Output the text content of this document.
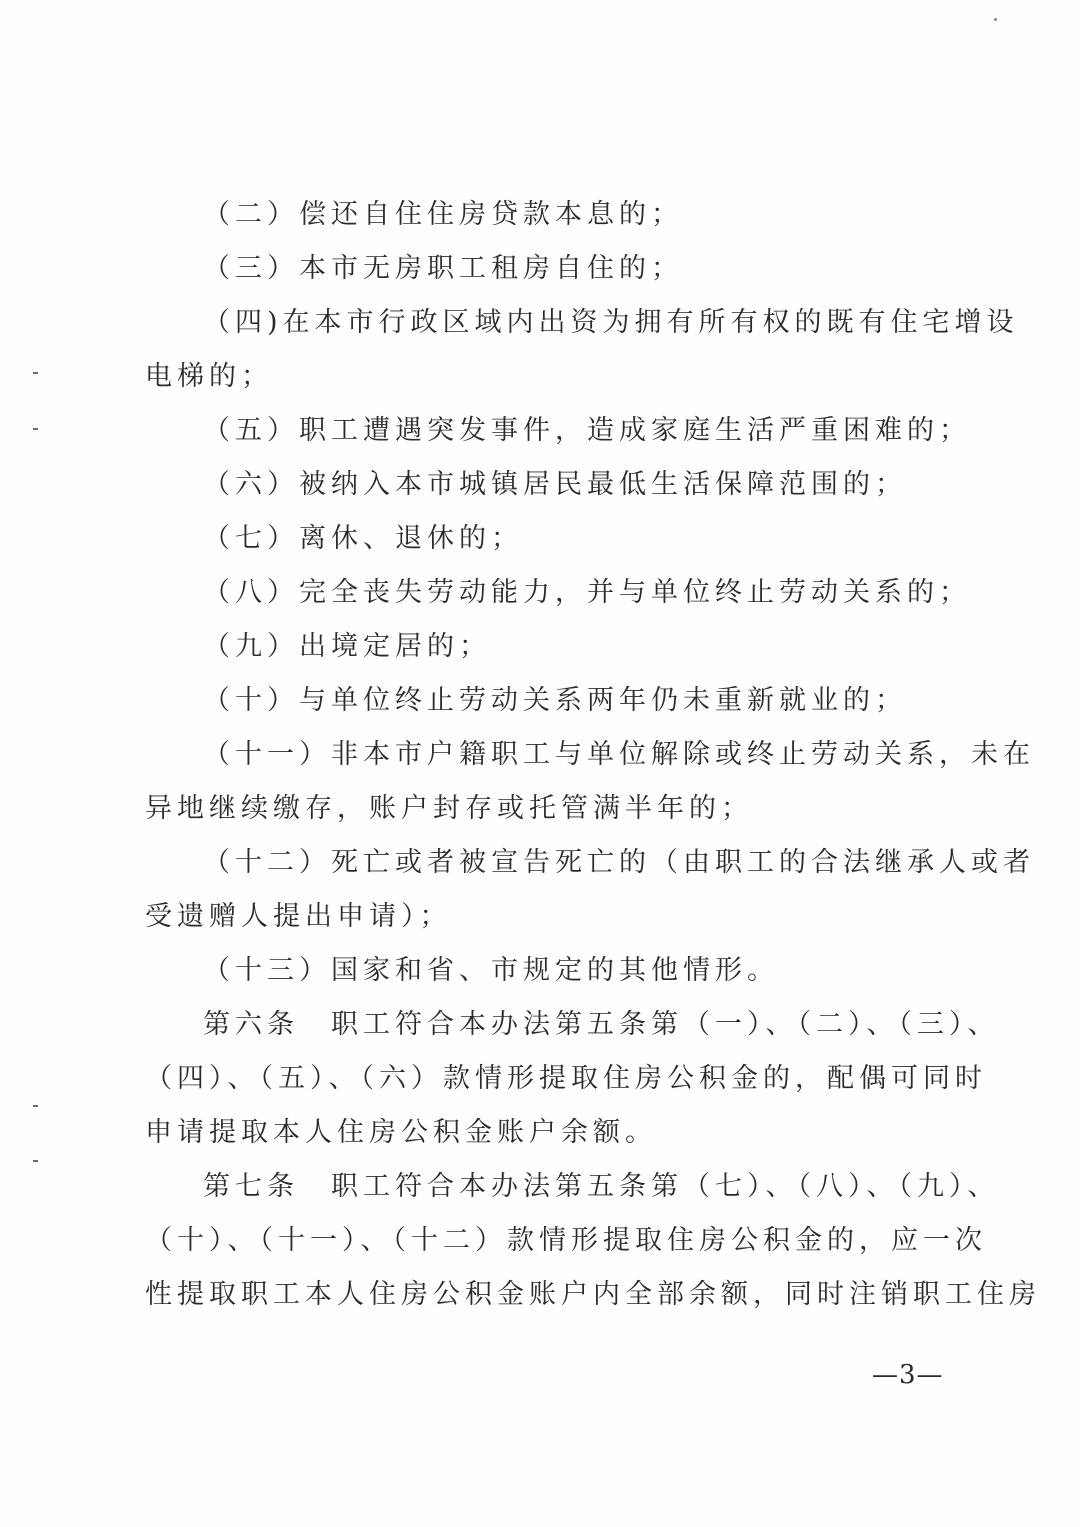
（二）偿还自住住房贷款本息的；
（三）本市无房职工租房自住的；
（四)在本市行政区域内出资为拥有所有权的既有住宅增设
电梯的；
（五）职工遭遇突发事件，造成家庭生活严重困难的；
（六）被纳入本市城镇居民最低生活保障范围的；
（七）离休、退休的；
（八）完全丧失劳动能力，并与单位终止劳动关系的；
（九）出境定居的；
（十）与单位终止劳动关系两年仍未重新就业的；
（十一）非本市户籍职工与单位解除或终止劳动关系，未在
异地继续缴存，账户封存或托管满半年的；
（十二）死亡或者被宣告死亡的（由职工的合法继承人或者
受遗赠人提出申请）；
（十三）国家和省、市规定的其他情形。
第六条　职工符合本办法第五条第（一）、（二）、（三）、
（四）、（五）、（六）款情形提取住房公积金的，配偶可同时
申请提取本人住房公积金账户余额。
第七条　职工符合本办法第五条第（七）、（八）、（九）、
（十）、（十一）、（十二）款情形提取住房公积金的，应一次
性提取职工本人住房公积金账户内全部余额，同时注销职工住房
—3—
